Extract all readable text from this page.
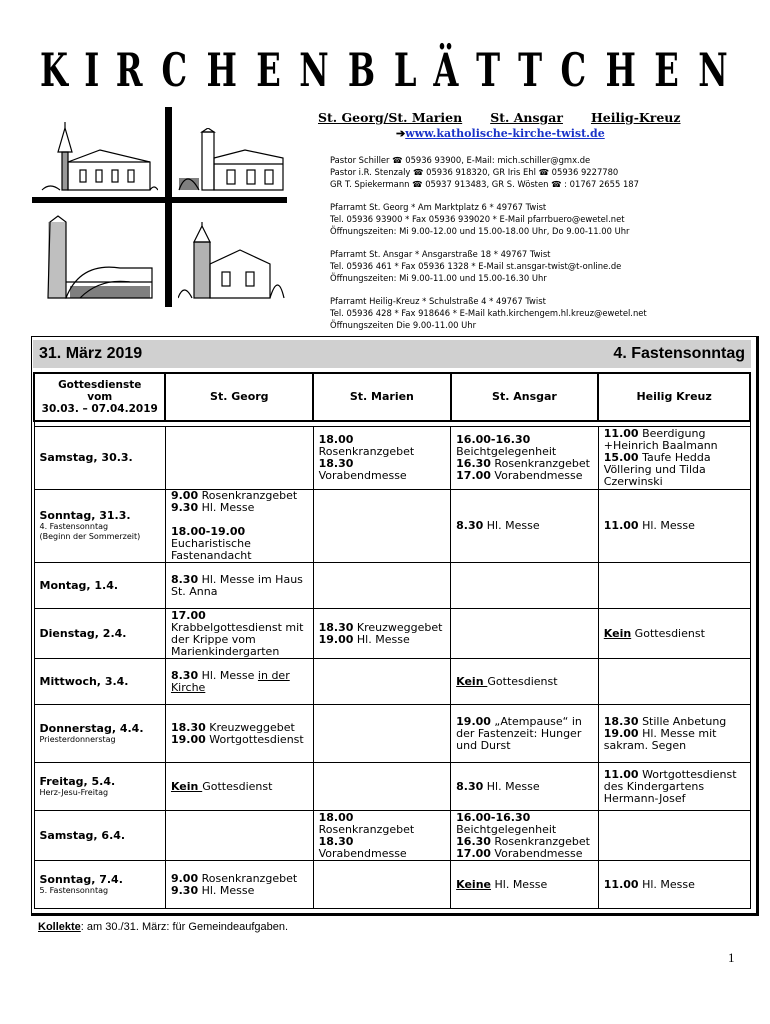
K I R C H E N B L Ä T T C H E N
St. Georg/St. Marien St. Ansgar Heilig-Kreuz
➔www.katholische-kirche-twist.de
Pastor Schiller ☎ 05936 93900, E-Mail: mich.schiller@gmx.de
Pastor i.R. Stenzaly ☎ 05936 918320, GR Iris Ehl ☎ 05936 9227780
GR T. Spiekermann ☎ 05937 913483, GR S. Wösten ☎ : 01767 2655 187
Pfarramt St. Georg * Am Marktplatz 6 * 49767 Twist
Tel. 05936 93900 * Fax 05936 939020 * E-Mail pfarrbuero@ewetel.net
Öffnungszeiten: Mi 9.00-12.00 und 15.00-18.00 Uhr, Do 9.00-11.00 Uhr
Pfarramt St. Ansgar * Ansgarstraße 18 * 49767 Twist
Tel. 05936 461 * Fax 05936 1328 * E-Mail st.ansgar-twist@t-online.de
Öffnungszeiten: Mi 9.00-11.00 und 15.00-16.30 Uhr
Pfarramt Heilig-Kreuz * Schulstraße 4 * 49767 Twist
Tel. 05936 428 * Fax 918646 * E-Mail kath.kirchengem.hl.kreuz@ewetel.net
Öffnungszeiten Die 9.00-11.00 Uhr
31. März 2019	4. Fastensonntag
Gottesdienste
vom
30.03. – 07.04.2019	St. Georg	St. Marien	St. Ansgar	Heilig Kreuz

Samstag, 30.3.		18.00
Rosenkranzgebet
18.30
Vorabendmesse	16.00-16.30
Beichtgelegenheit
16.30 Rosenkranzgebet
17.00 Vorabendmesse	11.00 Beerdigung +Heinrich Baalmann
15.00 Taufe Hedda Völlering und Tilda Czerwinski
Sonntag, 31.3.
4. Fastensonntag
(Beginn der Sommerzeit)	9.00 Rosenkranzgebet
9.30 Hl. Messe

18.00-19.00
Eucharistische Fastenandacht		8.30 Hl. Messe	11.00 Hl. Messe
Montag, 1.4.	8.30 Hl. Messe im Haus St. Anna			
Dienstag, 2.4.	17.00
Krabbelgottesdienst mit der Krippe vom Marienkindergarten	18.30 Kreuzweggebet
19.00 Hl. Messe		Kein Gottesdienst
Mittwoch, 3.4.	8.30 Hl. Messe in der Kirche		Kein Gottesdienst	
Donnerstag, 4.4.
Priesterdonnerstag	18.30 Kreuzweggebet
19.00 Wortgottesdienst		19.00 „Atempause“ in der Fastenzeit: Hunger und Durst	18.30 Stille Anbetung
19.00 Hl. Messe mit sakram. Segen
Freitag, 5.4.
Herz-Jesu-Freitag	Kein Gottesdienst		8.30 Hl. Messe	11.00 Wortgottesdienst des Kindergartens Hermann-Josef
Samstag, 6.4.		18.00
Rosenkranzgebet
18.30
Vorabendmesse	16.00-16.30
Beichtgelegenheit
16.30 Rosenkranzgebet
17.00 Vorabendmesse	
Sonntag, 7.4.
5. Fastensonntag	9.00 Rosenkranzgebet
9.30 Hl. Messe		Keine Hl. Messe	11.00 Hl. Messe
Kollekte: am 30./31. März: für Gemeindeaufgaben.
1
